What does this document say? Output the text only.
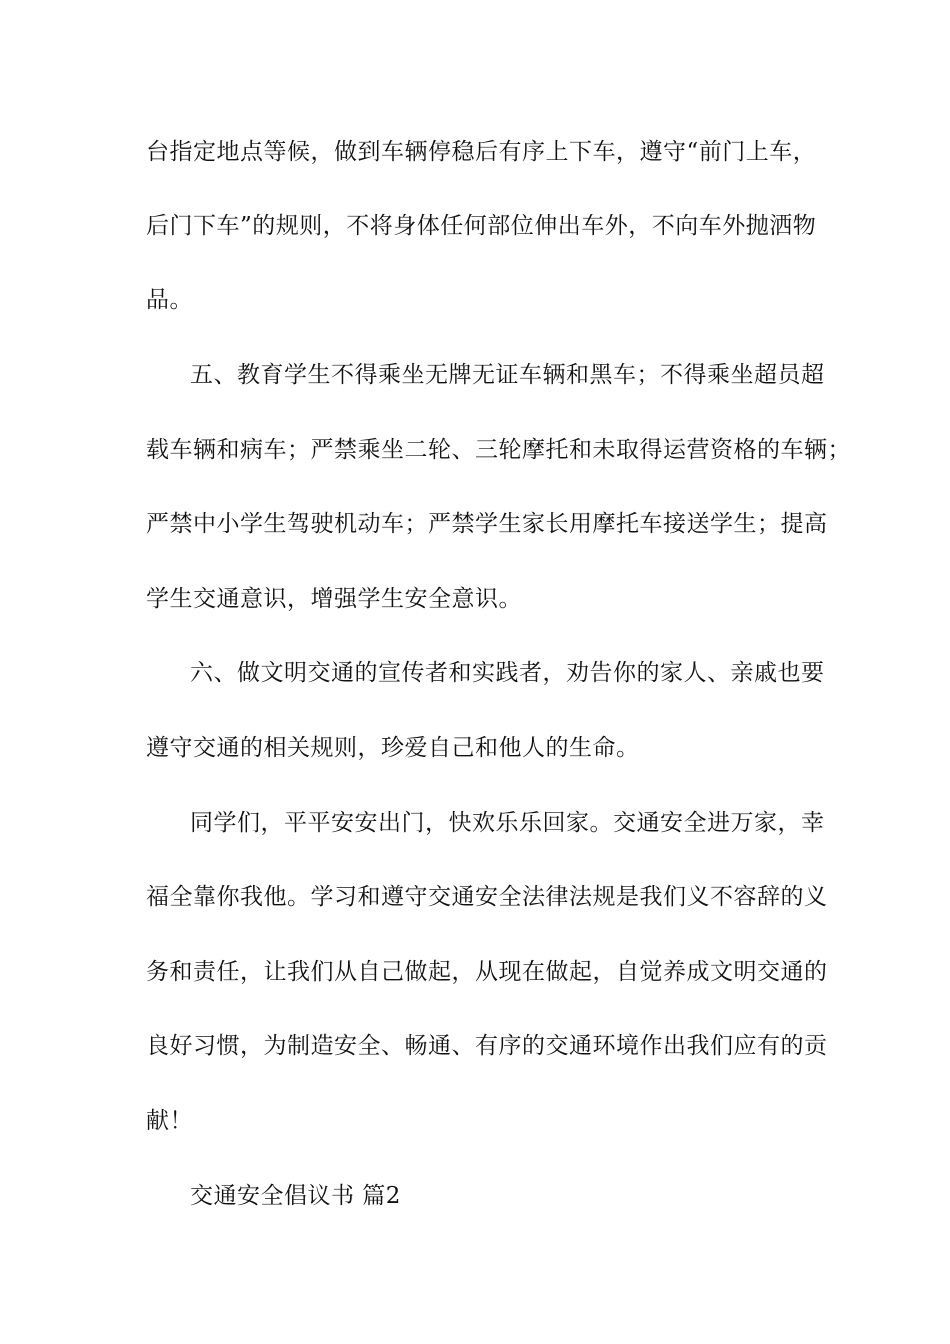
台指定地点等候，做到车辆停稳后有序上下车，遵守“前门上车，
后门下车”的规则，不将身体任何部位伸出车外，不向车外抛洒物
品。
五、教育学生不得乘坐无牌无证车辆和黑车；不得乘坐超员超
载车辆和病车；严禁乘坐二轮、三轮摩托和未取得运营资格的车辆；
严禁中小学生驾驶机动车；严禁学生家长用摩托车接送学生；提高
学生交通意识，增强学生安全意识。
六、做文明交通的宣传者和实践者，劝告你的家人、亲戚也要
遵守交通的相关规则，珍爱自己和他人的生命。
同学们，平平安安出门，快欢乐乐回家。交通安全进万家，幸
福全靠你我他。学习和遵守交通安全法律法规是我们义不容辞的义
务和责任，让我们从自己做起，从现在做起，自觉养成文明交通的
良好习惯，为制造安全、畅通、有序的交通环境作出我们应有的贡
献！
交通安全倡议书 篇2
